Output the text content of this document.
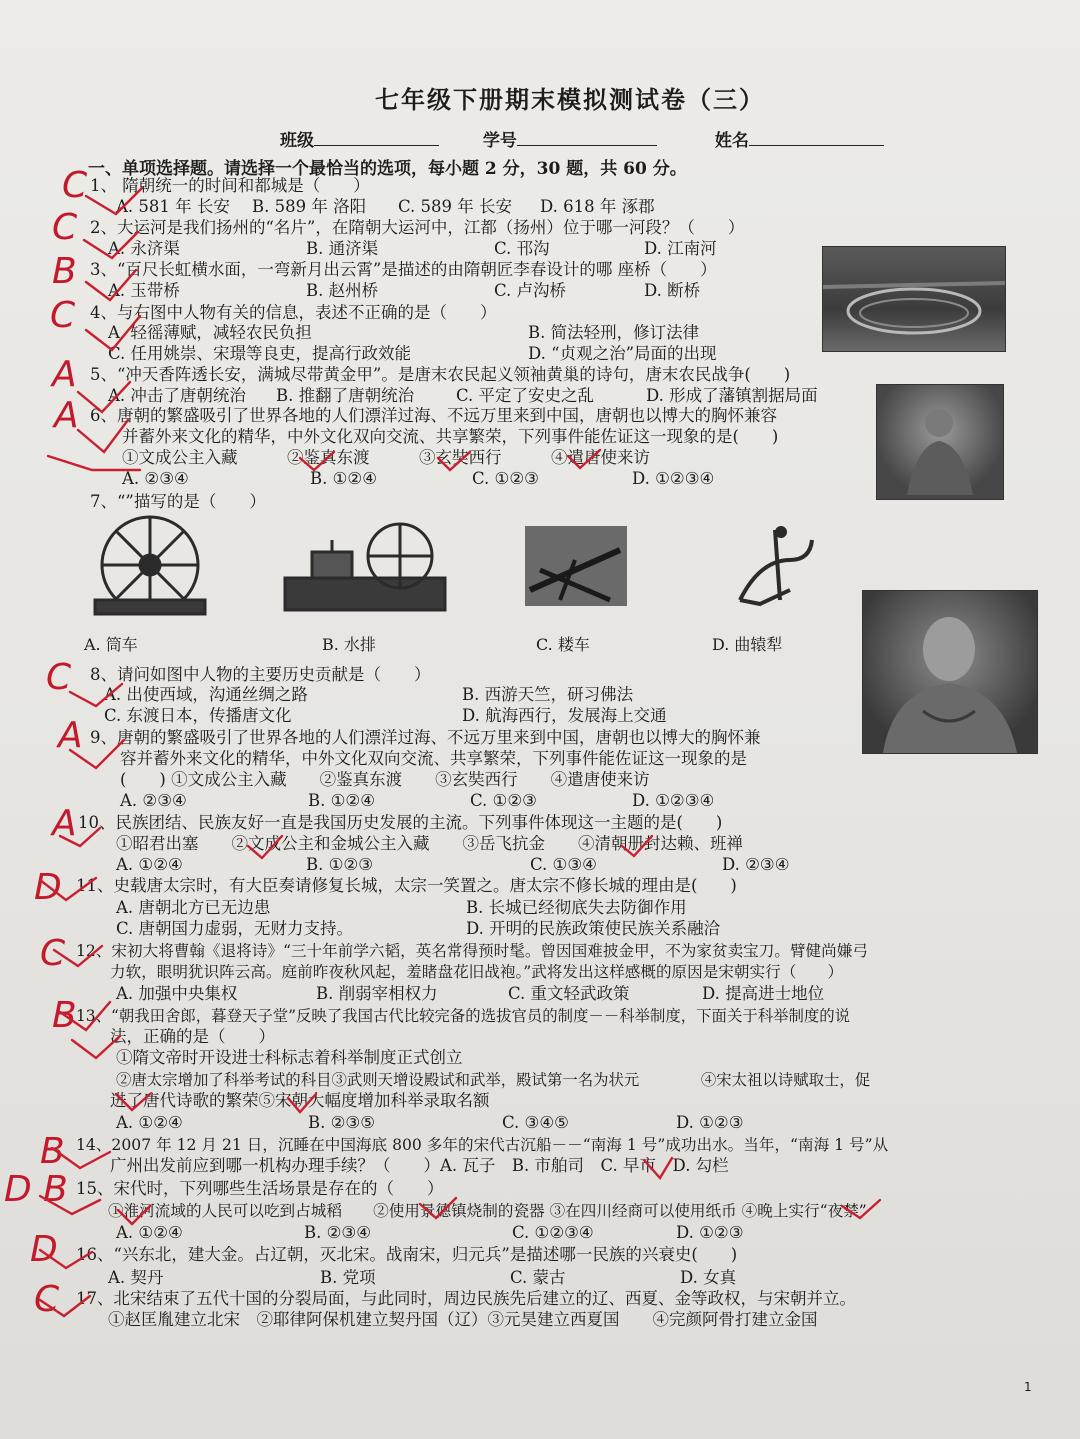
七年级下册期末模拟测试卷（三）
班级	学号	姓名
一、单项选择题。请选择一个最恰当的选项，每小题 2 分，30 题，共 60 分。
1、 隋朝统一的时间和都城是（　　）
A. 581 年 长安 B. 589 年 洛阳 C. 589 年 长安 D. 618 年 涿郡
2、大运河是我们扬州的“名片”，在隋朝大运河中，江都（扬州）位于哪一河段？（　　）
A. 永济渠	B. 通济渠	C. 邗沟	D. 江南河
3、“百尺长虹横水面，一弯新月出云霄”是描述的由隋朝匠李春设计的哪 座桥（　　）
A. 玉带桥	B. 赵州桥	C. 卢沟桥	D. 断桥
4、与右图中人物有关的信息，表述不正确的是（　　）
A. 轻徭薄赋，减轻农民负担	B. 简法轻刑，修订法律
C. 任用姚崇、宋璟等良吏，提高行政效能	D. “贞观之治”局面的出现
5、“冲天香阵透长安，满城尽带黄金甲”。是唐末农民起义领袖黄巢的诗句，唐末农民战争(　　)
A. 冲击了唐朝统治 B. 推翻了唐朝统治	C. 平定了安史之乱	D. 形成了藩镇割据局面
6、唐朝的繁盛吸引了世界各地的人们漂洋过海、不远万里来到中国，唐朝也以博大的胸怀兼容
并蓄外来文化的精华，中外文化双向交流、共享繁荣，下列事件能佐证这一现象的是(　　)
①文成公主入藏　　　②鉴真东渡　　　③玄奘西行　　　④遣唐使来访
A. ②③④	B. ①②④	C. ①②③	D. ①②③④
7、“”描写的是（　　）
A. 筒车	B. 水排	C. 耧车	D. 曲辕犁
8、请问如图中人物的主要历史贡献是（　　）
A. 出使西域，沟通丝绸之路	B. 西游天竺，研习佛法
C. 东渡日本，传播唐文化	D. 航海西行，发展海上交通
9、唐朝的繁盛吸引了世界各地的人们漂洋过海、不远万里来到中国，唐朝也以博大的胸怀兼
容并蓄外来文化的精华，中外文化双向交流、共享繁荣，下列事件能佐证这一现象的是
(　　) ①文成公主入藏　　②鉴真东渡　　③玄奘西行　　④遣唐使来访
A. ②③④	B. ①②④	C. ①②③	D. ①②③④
10、民族团结、民族友好一直是我国历史发展的主流。下列事件体现这一主题的是(　　)
①昭君出塞　　②文成公主和金城公主入藏　　③岳飞抗金　　④清朝册封达赖、班禅
A. ①②④	B. ①②③	C. ①③④	D. ②③④
11、史载唐太宗时，有大臣奏请修复长城，太宗一笑置之。唐太宗不修长城的理由是(　　)
A. 唐朝北方已无边患	B. 长城已经彻底失去防御作用
C. 唐朝国力虚弱，无财力支持。	D. 开明的民族政策使民族关系融洽
12、宋初大将曹翰《退将诗》“三十年前学六韬，英名常得预时髦。曾因国难披金甲，不为家贫卖宝刀。臂健尚嫌弓
力软，眼明犹识阵云高。庭前昨夜秋风起，羞睹盘花旧战袍。”武将发出这样感概的原因是宋朝实行（　　）
A. 加强中央集权	B. 削弱宰相权力	C. 重文轻武政策	D. 提高进士地位
13、“朝我田舍郎，暮登天子堂”反映了我国古代比较完备的选拔官员的制度－－科举制度，下面关于科举制度的说
法，正确的是（　　）
①隋文帝时开设进士科标志着科举制度正式创立
②唐太宗增加了科举考试的科目③武则天增设殿试和武举，殿试第一名为状元　　　　④宋太祖以诗赋取士，促
进了唐代诗歌的繁荣⑤宋朝大幅度增加科举录取名额
A. ①②④	B. ②③⑤	C. ③④⑤	D. ①②③
14、2007 年 12 月 21 日，沉睡在中国海底 800 多年的宋代古沉船－－“南海 1 号”成功出水。当年，“南海 1 号”从
广州出发前应到哪一机构办理手续？（　　）A. 瓦子　B. 市舶司　C. 早市　D. 勾栏
15、宋代时，下列哪些生活场景是存在的（　　）
①淮河流域的人民可以吃到占城稻　　②使用景德镇烧制的瓷器 ③在四川经商可以使用纸币 ④晚上实行“夜禁”
A. ①②④	B. ②③④	C. ①②③④	D. ①②③
16、“兴东北，建大金。占辽朝，灭北宋。战南宋，归元兵”是描述哪一民族的兴衰史(　　)
A. 契丹	B. 党项	C. 蒙古	D. 女真
17、北宋结束了五代十国的分裂局面，与此同时，周边民族先后建立的辽、西夏、金等政权，与宋朝并立。
①赵匡胤建立北宋　②耶律阿保机建立契丹国（辽）③元昊建立西夏国　　④完颜阿骨打建立金国
C
C
B
C
A
A
C
A
A
D
C
B
B
D B
D
C
1
